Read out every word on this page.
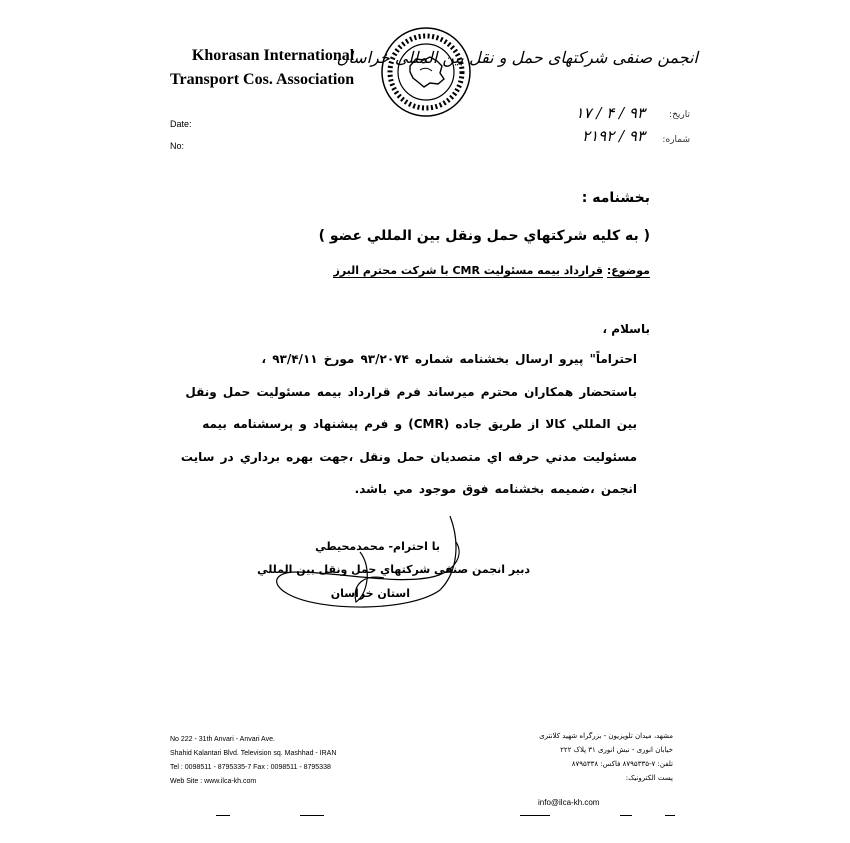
Khorasan International
Transport Cos. Association
انجمن صنفی شرکتهای حمل و نقل بین المللی خراسان
Date:
No:
تاریخ:
۹۳ / ۴ / ۱۷
شماره:
۹۳ / ۲۱۹۲
بخشنامه :
( به کليه شرکتهاي حمل ونقل بين المللي عضو )
موضوع: قرارداد بيمه مسئوليت CMR با شرکت محترم البرز
باسلام ،
احتراماً" پيرو ارسال بخشنامه شماره ۹۳/۲۰۷۴ مورخ ۹۳/۴/۱۱ ،
باستحضار همکاران محترم ميرساند فرم قرارداد بيمه مسئوليت حمل ونقل
بين المللي کالا از طريق جاده (CMR) و فرم پيشنهاد و پرسشنامه بيمه
مسئوليت مدني حرفه اي متصديان حمل ونقل ،جهت بهره برداري در سايت
انجمن ،ضميمه بخشنامه فوق موجود مي باشد.
با احترام- محمدمحيطي
دبير انجمن صنفي شرکتهاي حمل ونقل بين المللي
استان خراسان
No 222 - 31th Anvari - Anvari Ave.
Shahid Kalantari Blvd. Television sq. Mashhad - IRAN
Tel : 0098511 - 8795335-7 Fax : 0098511 - 8795338
Web Site : www.ilca-kh.com
مشهد، میدان تلویزیون - بزرگراه شهید کلانتری
خیابان انوری - نبش انوری ۳۱ پلاک ۲۲۲
تلفن: ۷-۸۷۹۵۳۳۵ فاکس: ۸۷۹۵۳۳۸
پست الکترونیک:
info@ilca-kh.com
